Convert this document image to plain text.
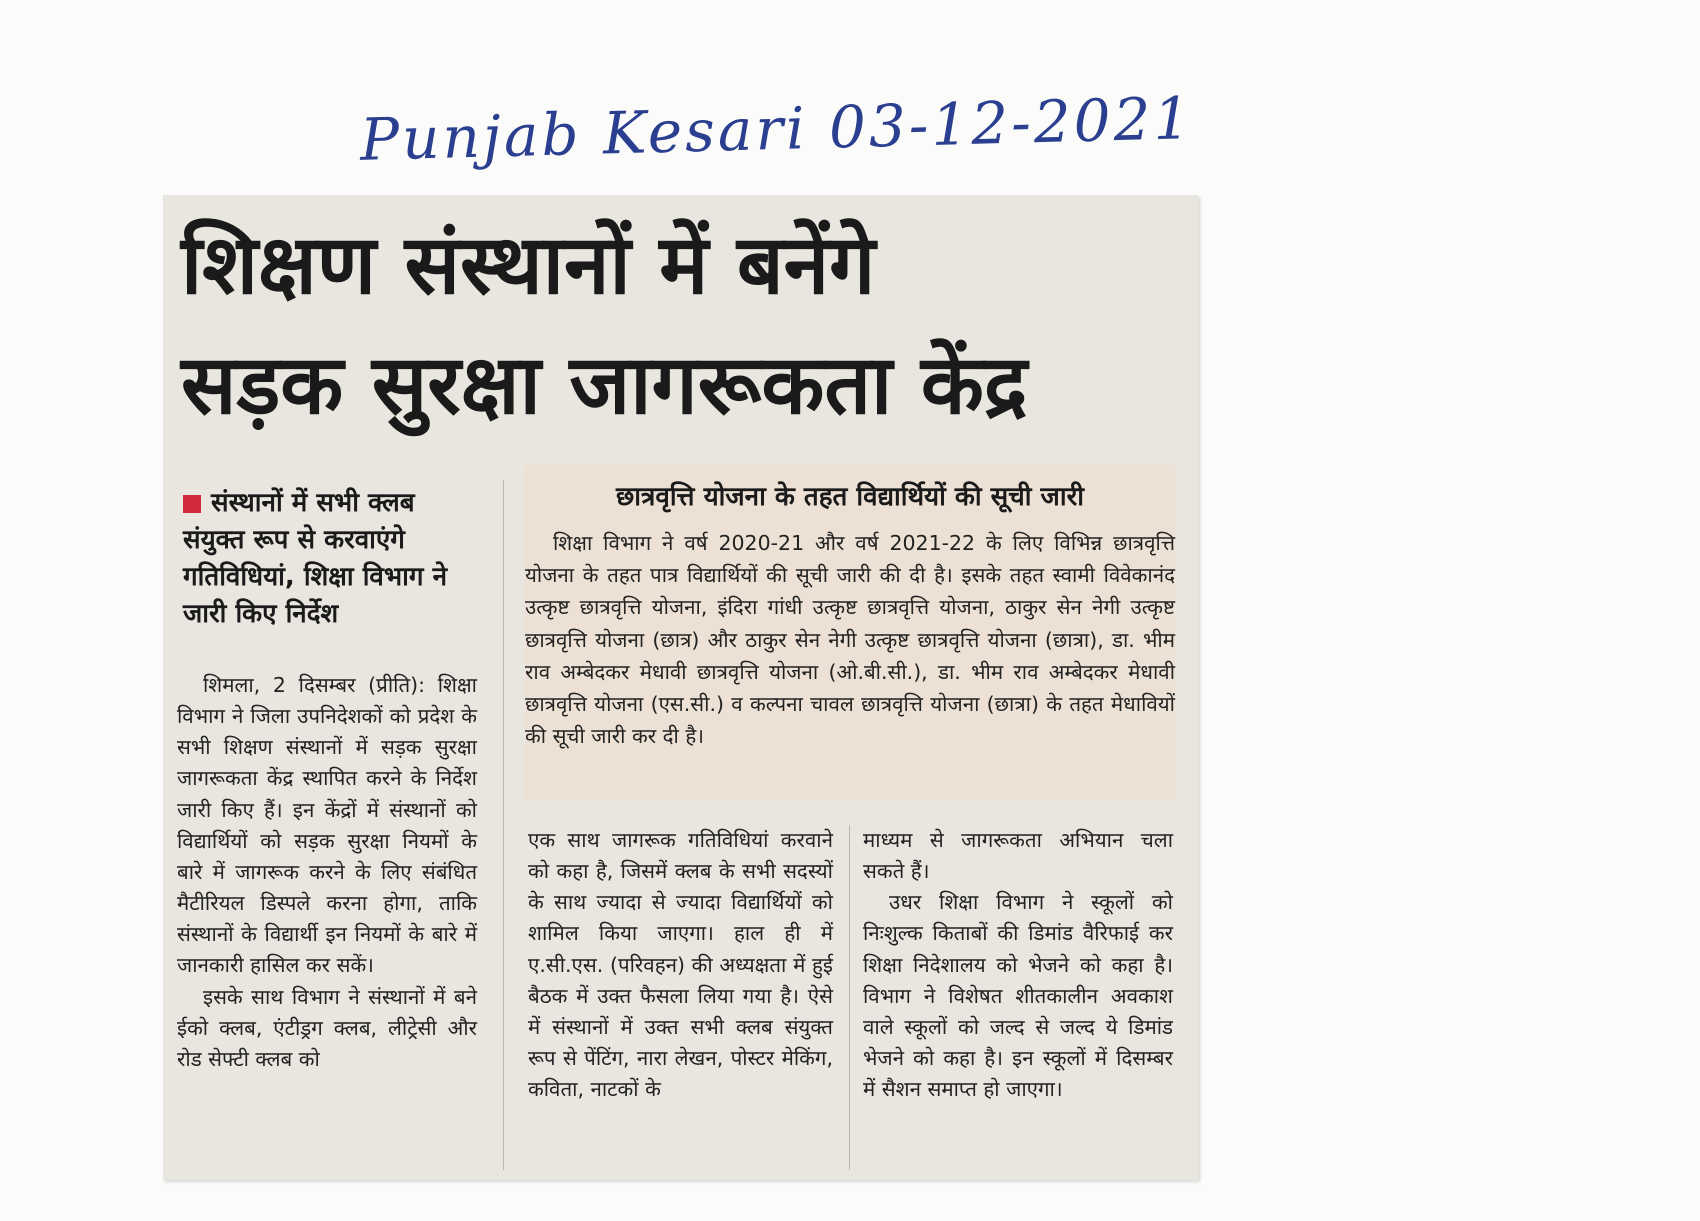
Punjab Kesari 03-12-2021
शिक्षण संस्थानों में बनेंगे
सड़क सुरक्षा जागरूकता केंद्र
संस्थानों में सभी क्लब संयुक्त रूप से करवाएंगे गतिविधियां, शिक्षा विभाग ने जारी किए निर्देश

शिमला, 2 दिसम्बर (प्रीति): शिक्षा विभाग ने जिला उपनिदेशकों को प्रदेश के सभी शिक्षण संस्थानों में सड़क सुरक्षा जागरूकता केंद्र स्थापित करने के निर्देश जारी किए हैं। इन केंद्रों में संस्थानों को विद्यार्थियों को सड़क सुरक्षा नियमों के बारे में जागरूक करने के लिए संबंधित मैटीरियल डिस्पले करना होगा, ताकि संस्थानों के विद्यार्थी इन नियमों के बारे में जानकारी हासिल कर सकें।

इसके साथ विभाग ने संस्थानों में बने ईको क्लब, एंटीड्रग क्लब, लीट्रेसी और रोड सेफ्टी क्लब को

छात्रवृत्ति योजना के तहत विद्यार्थियों की सूची जारी

शिक्षा विभाग ने वर्ष 2020-21 और वर्ष 2021-22 के लिए विभिन्न छात्रवृत्ति योजना के तहत पात्र विद्यार्थियों की सूची जारी की दी है। इसके तहत स्वामी विवेकानंद उत्कृष्ट छात्रवृत्ति योजना, इंदिरा गांधी उत्कृष्ट छात्रवृत्ति योजना, ठाकुर सेन नेगी उत्कृष्ट छात्रवृत्ति योजना (छात्र) और ठाकुर सेन नेगी उत्कृष्ट छात्रवृत्ति योजना (छात्रा), डा. भीम राव अम्बेदकर मेधावी छात्रवृत्ति योजना (ओ.बी.सी.), डा. भीम राव अम्बेदकर मेधावी छात्रवृत्ति योजना (एस.सी.) व कल्पना चावल छात्रवृत्ति योजना (छात्रा) के तहत मेधावियों की सूची जारी कर दी है।

एक साथ जागरूक गतिविधियां करवाने को कहा है, जिसमें क्लब के सभी सदस्यों के साथ ज्यादा से ज्यादा विद्यार्थियों को शामिल किया जाएगा। हाल ही में ए.सी.एस. (परिवहन) की अध्यक्षता में हुई बैठक में उक्त फैसला लिया गया है। ऐसे में संस्थानों में उक्त सभी क्लब संयुक्त रूप से पेंटिंग, नारा लेखन, पोस्टर मेकिंग, कविता, नाटकों के

माध्यम से जागरूकता अभियान चला सकते हैं।

उधर शिक्षा विभाग ने स्कूलों को निःशुल्क किताबों की डिमांड वैरिफाई कर शिक्षा निदेशालय को भेजने को कहा है। विभाग ने विशेषत शीतकालीन अवकाश वाले स्कूलों को जल्द से जल्द ये डिमांड भेजने को कहा है। इन स्कूलों में दिसम्बर में सैशन समाप्त हो जाएगा।
